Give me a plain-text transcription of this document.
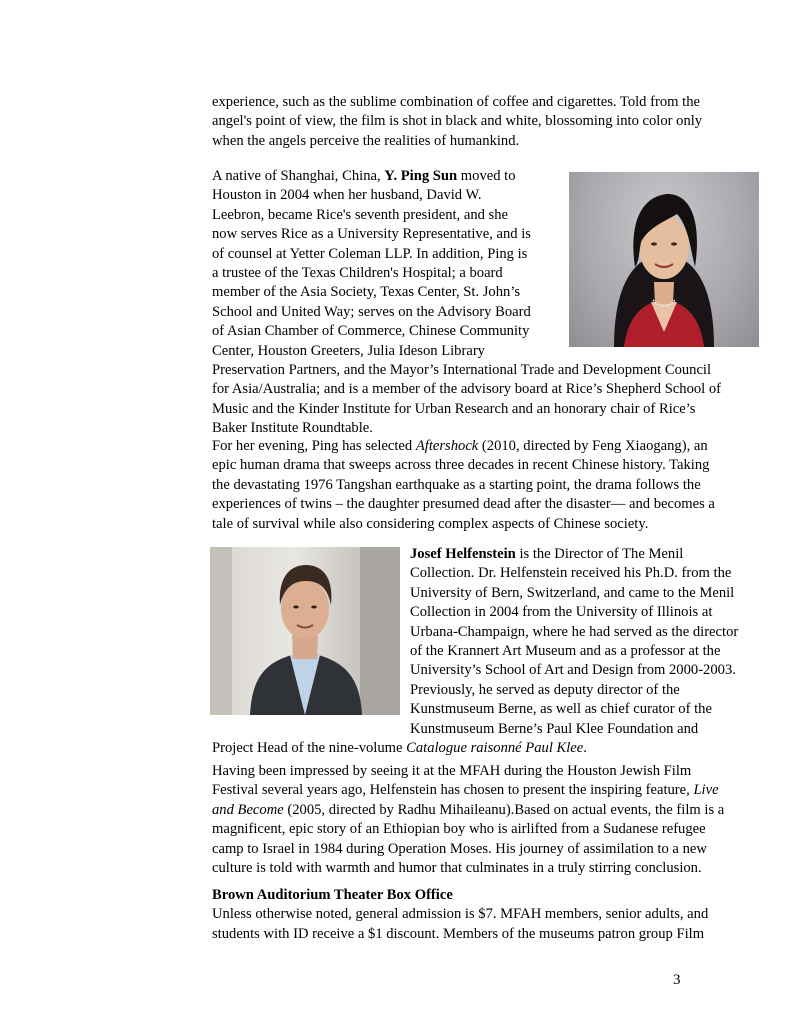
experience, such as the sublime combination of coffee and cigarettes. Told from the

angel's point of view, the film is shot in black and white, blossoming into color only

when the angels perceive the realities of humankind.

A native of Shanghai, China, Y. Ping Sun moved to

Houston in 2004 when her husband, David W.

Leebron, became Rice's seventh president, and she

now serves Rice as a University Representative, and is

of counsel at Yetter Coleman LLP. In addition, Ping is

a trustee of the Texas Children's Hospital; a board

member of the Asia Society, Texas Center, St. John’s

School and United Way; serves on the Advisory Board

of Asian Chamber of Commerce, Chinese Community

Center, Houston Greeters, Julia Ideson Library

Preservation Partners, and the Mayor’s International Trade and Development Council

for Asia/Australia; and is a member of the advisory board at Rice’s Shepherd School of

Music and the Kinder Institute for Urban Research and an honorary chair of Rice’s

Baker Institute Roundtable.

For her evening, Ping has selected Aftershock (2010, directed by Feng Xiaogang), an

epic human drama that sweeps across three decades in recent Chinese history. Taking

the devastating 1976 Tangshan earthquake as a starting point, the drama follows the

experiences of twins – the daughter presumed dead after the disaster— and becomes a

tale of survival while also considering complex aspects of Chinese society.

Josef Helfenstein is the Director of The Menil

Collection. Dr. Helfenstein received his Ph.D. from the

University of Bern, Switzerland, and came to the Menil

Collection in 2004 from the University of Illinois at

Urbana-Champaign, where he had served as the director

of the Krannert Art Museum and as a professor at the

University’s School of Art and Design from 2000-2003.

Previously, he served as deputy director of the

Kunstmuseum Berne, as well as chief curator of the

Kunstmuseum Berne’s Paul Klee Foundation and

Project Head of the nine-volume Catalogue raisonné Paul Klee.

Having been impressed by seeing it at the MFAH during the Houston Jewish Film

Festival several years ago, Helfenstein has chosen to present the inspiring feature, Live

and Become (2005, directed by Radhu Mihaileanu).Based on actual events, the film is a

magnificent, epic story of an Ethiopian boy who is airlifted from a Sudanese refugee

camp to Israel in 1984 during Operation Moses. His journey of assimilation to a new

culture is told with warmth and humor that culminates in a truly stirring conclusion.

Brown Auditorium Theater Box Office

Unless otherwise noted, general admission is $7. MFAH members, senior adults, and

students with ID receive a $1 discount. Members of the museums patron group Film

3
